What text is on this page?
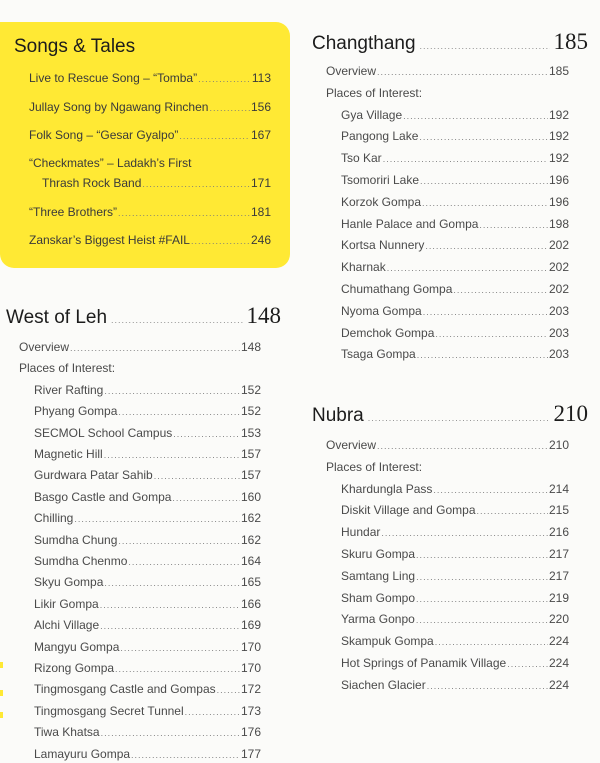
Songs & Tales
Live to Rescue Song – “Tomba” .....	113
Jullay Song by Ngawang Rinchen .....	156
Folk Song – “Gesar Gyalpo” .....	167
“Checkmates” – Ladakh’s First
Thrash Rock Band .....	171
“Three Brothers” .....	181
Zanskar’s Biggest Heist #FAIL .....	246
West of Leh .....	148
Overview .....	148
Places of Interest:
River Rafting .....	152
Phyang Gompa .....	152
SECMOL School Campus .....	153
Magnetic Hill .....	157
Gurdwara Patar Sahib .....	157
Basgo Castle and Gompa .....	160
Chilling .....	162
Sumdha Chung .....	162
Sumdha Chenmo .....	164
Skyu Gompa .....	165
Likir Gompa .....	166
Alchi Village .....	169
Mangyu Gompa .....	170
Rizong Gompa .....	170
Tingmosgang Castle and Gompas ..... 172
Tingmosgang Secret Tunnel .....	173
Tiwa Khatsa .....	176
Lamayuru Gompa .....	177
Changthang .....	185
Overview .....	185
Places of Interest:
Gya Village .....	192
Pangong Lake .....	192
Tso Kar .....	192
Tsomoriri Lake .....	196
Korzok Gompa .....	196
Hanle Palace and Gompa .....	198
Kortsa Nunnery .....	202
Kharnak .....	202
Chumathang Gompa .....	202
Nyoma Gompa .....	203
Demchok Gompa .....	203
Tsaga Gompa .....	203
Nubra .....	210
Overview .....	210
Places of Interest:
Khardungla Pass .....	214
Diskit Village and Gompa .....	215
Hundar .....	216
Skuru Gompa .....	217
Samtang Ling .....	217
Sham Gompo .....	219
Yarma Gonpo .....	220
Skampuk Gompa .....	224
Hot Springs of Panamik Village .....	224
Siachen Glacier .....	224
